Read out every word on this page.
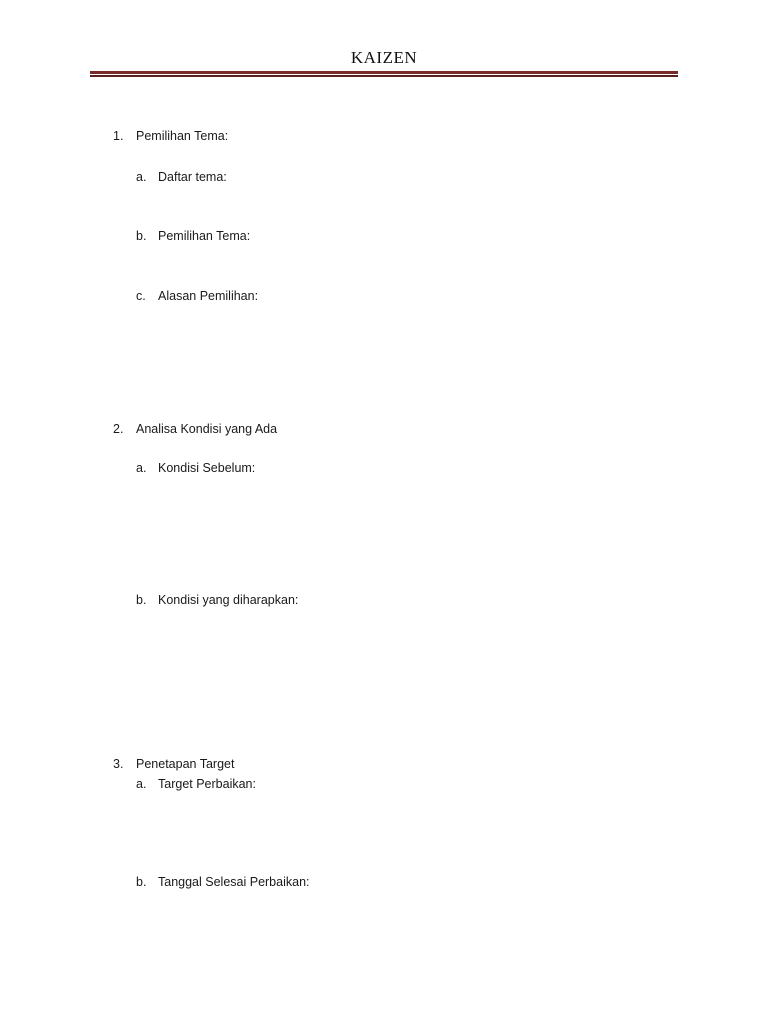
KAIZEN
1. Pemilihan Tema:
a. Daftar tema:
b. Pemilihan Tema:
c. Alasan Pemilihan:
2. Analisa Kondisi yang Ada
a. Kondisi Sebelum:
b. Kondisi yang diharapkan:
3. Penetapan Target
a. Target Perbaikan:
b. Tanggal Selesai Perbaikan:
